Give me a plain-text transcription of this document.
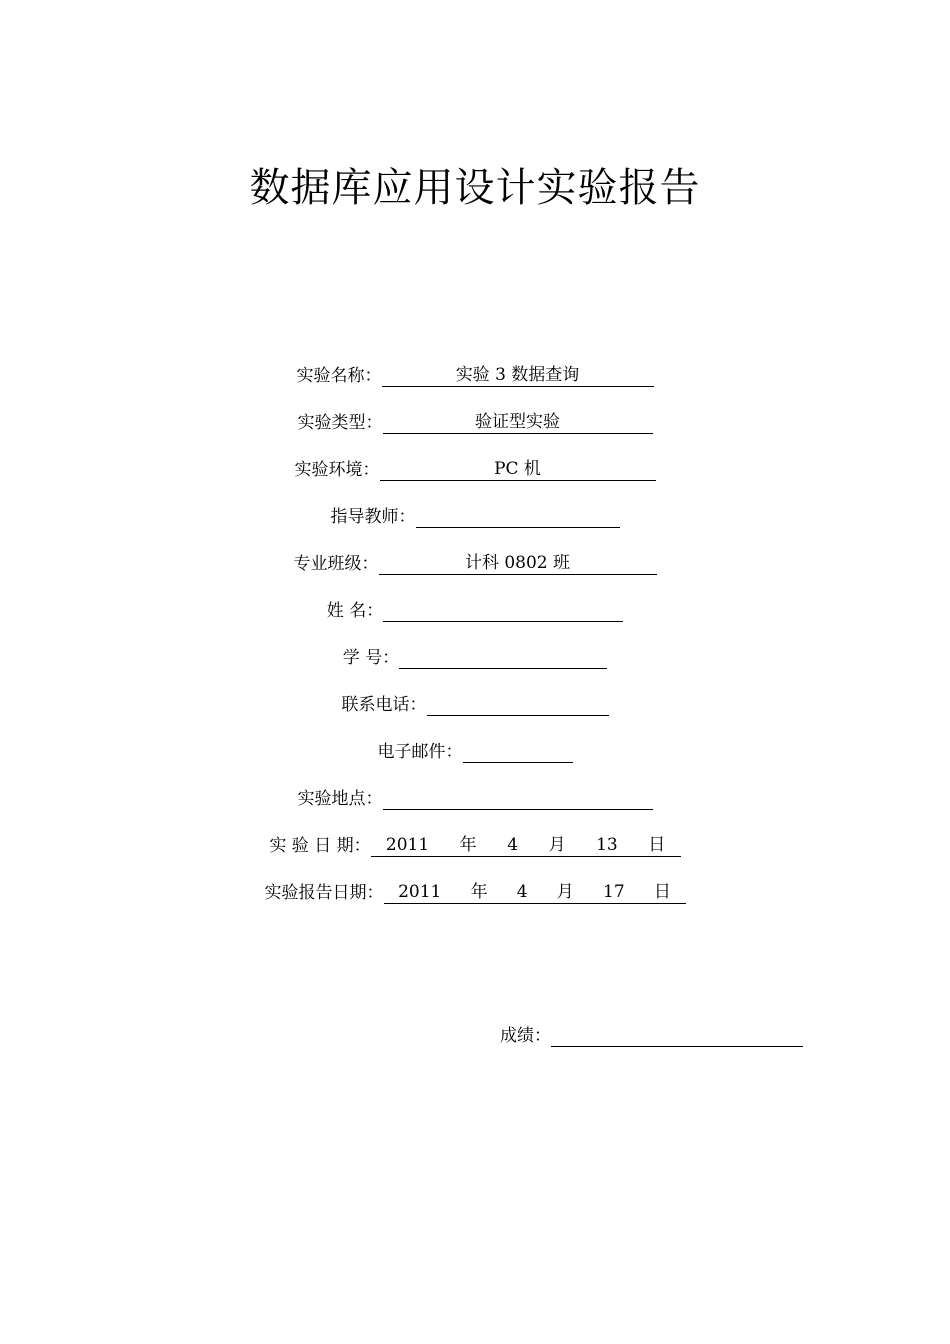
数据库应用设计实验报告
实验名称：	实验 3 数据查询
实验类型：	验证型实验
实验环境：	PC 机
指导教师：
专业班级：	计科 0802 班
姓 名：
学 号：
联系电话：
电子邮件：
实验地点：
实 验 日 期： 2011 年 4 月 13 日
实验报告日期： 2011 年 4 月 17 日
成绩：
